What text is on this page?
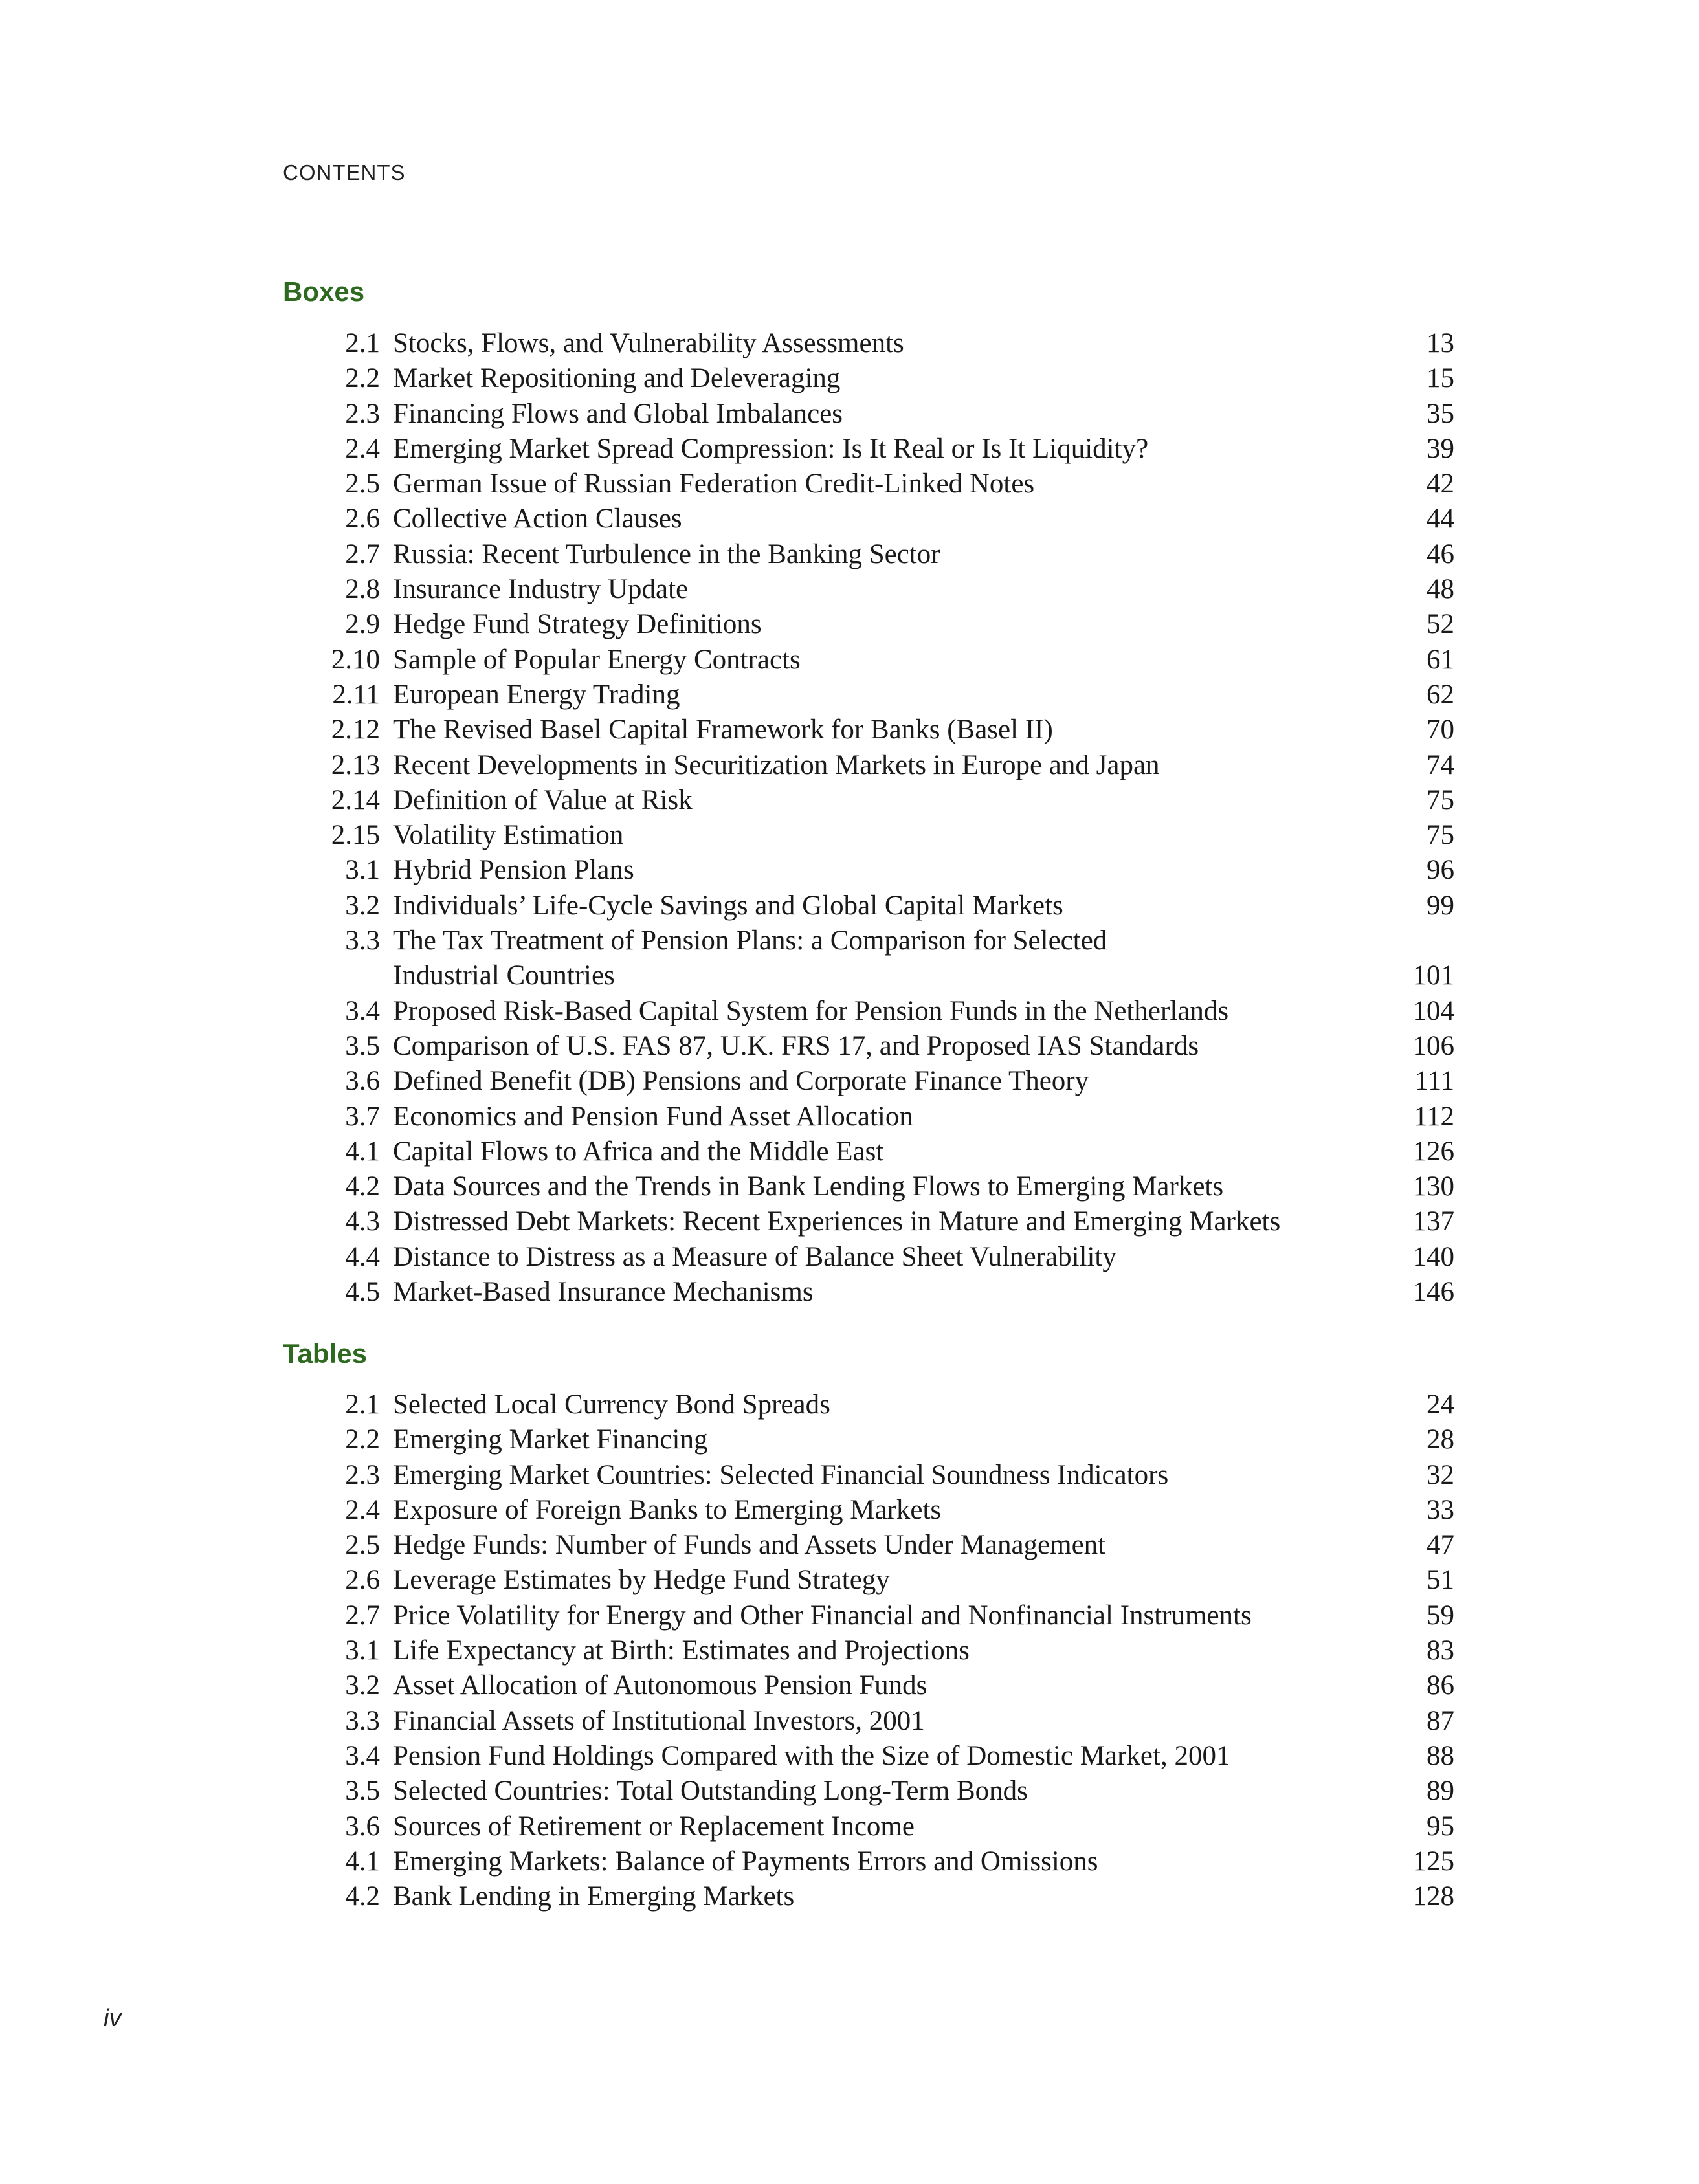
CONTENTS
Boxes
2.1 Stocks, Flows, and Vulnerability Assessments	13
2.2 Market Repositioning and Deleveraging	15
2.3 Financing Flows and Global Imbalances	35
2.4 Emerging Market Spread Compression: Is It Real or Is It Liquidity?	39
2.5 German Issue of Russian Federation Credit-Linked Notes	42
2.6 Collective Action Clauses	44
2.7 Russia: Recent Turbulence in the Banking Sector	46
2.8 Insurance Industry Update	48
2.9 Hedge Fund Strategy Definitions	52
2.10 Sample of Popular Energy Contracts	61
2.11 European Energy Trading	62
2.12 The Revised Basel Capital Framework for Banks (Basel II)	70
2.13 Recent Developments in Securitization Markets in Europe and Japan	74
2.14 Definition of Value at Risk	75
2.15 Volatility Estimation	75
3.1 Hybrid Pension Plans	96
3.2 Individuals’ Life-Cycle Savings and Global Capital Markets	99
3.3 The Tax Treatment of Pension Plans: a Comparison for Selected
Industrial Countries	101
3.4 Proposed Risk-Based Capital System for Pension Funds in the Netherlands	104
3.5 Comparison of U.S. FAS 87, U.K. FRS 17, and Proposed IAS Standards	106
3.6 Defined Benefit (DB) Pensions and Corporate Finance Theory	111
3.7 Economics and Pension Fund Asset Allocation	112
4.1 Capital Flows to Africa and the Middle East	126
4.2 Data Sources and the Trends in Bank Lending Flows to Emerging Markets	130
4.3 Distressed Debt Markets: Recent Experiences in Mature and Emerging Markets	137
4.4 Distance to Distress as a Measure of Balance Sheet Vulnerability	140
4.5 Market-Based Insurance Mechanisms	146
Tables
2.1 Selected Local Currency Bond Spreads	24
2.2 Emerging Market Financing	28
2.3 Emerging Market Countries: Selected Financial Soundness Indicators	32
2.4 Exposure of Foreign Banks to Emerging Markets	33
2.5 Hedge Funds: Number of Funds and Assets Under Management	47
2.6 Leverage Estimates by Hedge Fund Strategy	51
2.7 Price Volatility for Energy and Other Financial and Nonfinancial Instruments	59
3.1 Life Expectancy at Birth: Estimates and Projections	83
3.2 Asset Allocation of Autonomous Pension Funds	86
3.3 Financial Assets of Institutional Investors, 2001	87
3.4 Pension Fund Holdings Compared with the Size of Domestic Market, 2001	88
3.5 Selected Countries: Total Outstanding Long-Term Bonds	89
3.6 Sources of Retirement or Replacement Income	95
4.1 Emerging Markets: Balance of Payments Errors and Omissions	125
4.2 Bank Lending in Emerging Markets	128
iv
